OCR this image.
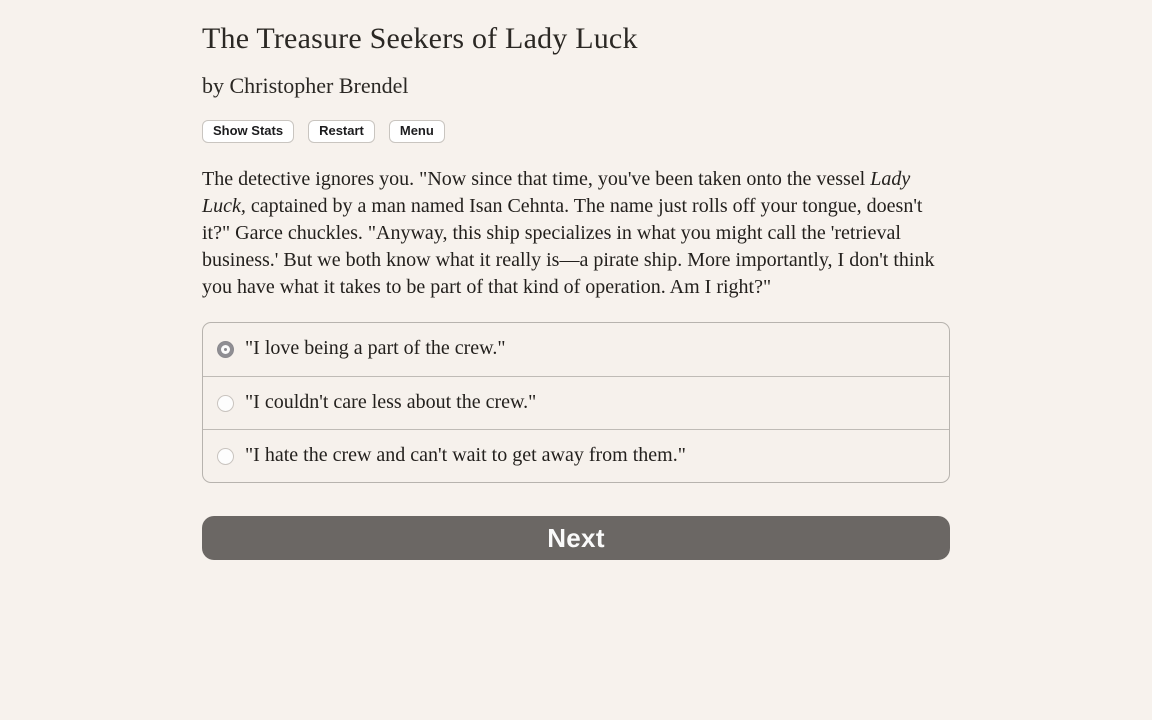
The Treasure Seekers of Lady Luck
by Christopher Brendel
Show Stats	Restart	Menu

The detective ignores you. "Now since that time, you've been taken onto the vessel Lady Luck, captained by a man named Isan Cehnta. The name just rolls off your tongue, doesn't it?" Garce chuckles. "Anyway, this ship specializes in what you might call the 'retrieval business.' But we both know what it really is—a pirate ship. More importantly, I don't think you have what it takes to be part of that kind of operation. Am I right?"

"I love being a part of the crew."
"I couldn't care less about the crew."
"I hate the crew and can't wait to get away from them."
Next
